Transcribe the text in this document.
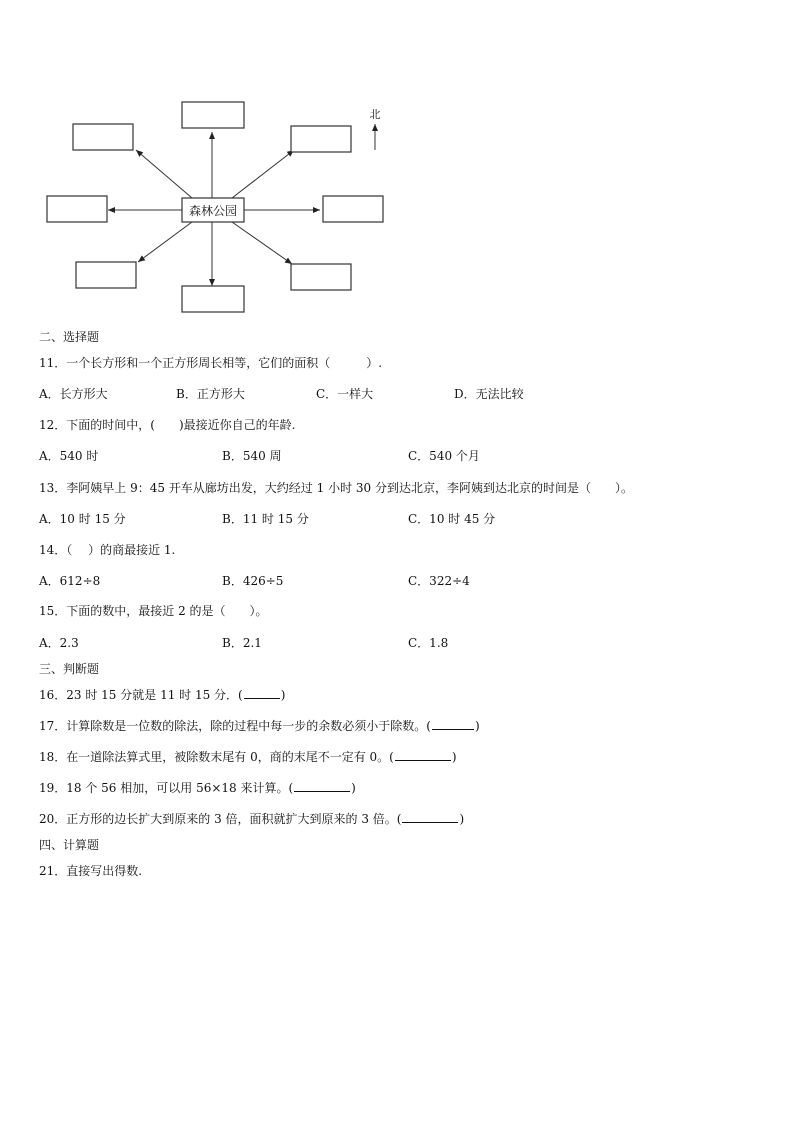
森林公园
北
二、选择题
11．一个长方形和一个正方形周长相等，它们的面积（　　　）.
A．长方形大	B．正方形大	C．一样大	D．无法比较
12．下面的时间中，(　　)最接近你自己的年龄.
A．540 时	B．540 周	C．540 个月
13．李阿姨早上 9：45 开车从廊坊出发，大约经过 1 小时 30 分到达北京，李阿姨到达北京的时间是（　　）。
A．10 时 15 分	B．11 时 15 分	C．10 时 45 分
14．（　 ）的商最接近 1.
A．612÷8	B．426÷5	C．322÷4
15．下面的数中，最接近 2 的是（　　）。
A．2.3	B．2.1	C．1.8
三、判断题
16．23 时 15 分就是 11 时 15 分．(	)
17．计算除数是一位数的除法，除的过程中每一步的余数必须小于除数。(	)
18．在一道除法算式里，被除数末尾有 0，商的末尾不一定有 0。(	)
19．18 个 56 相加，可以用 56×18 来计算。(	)
20．正方形的边长扩大到原来的 3 倍，面积就扩大到原来的 3 倍。(	)
四、计算题
21．直接写出得数.
